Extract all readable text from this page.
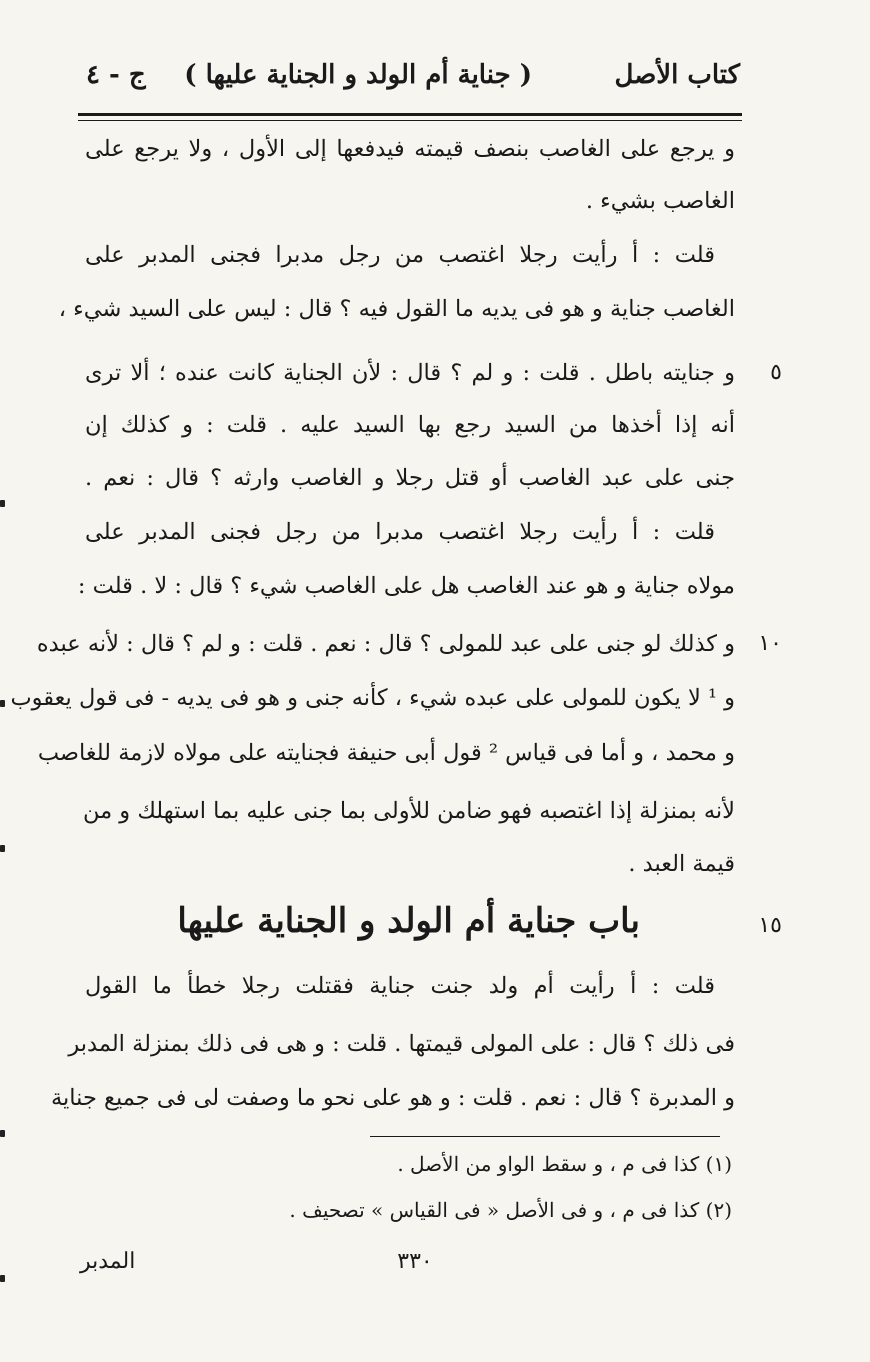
كتاب الأصل
( جناية أم الولد و الجناية عليها )
ج - ٤
و يرجع على الغاصب بنصف قيمته فيدفعها إلى الأول ، ولا يرجع على
الغاصب بشيء .
قلت : أ رأيت رجلا اغتصب من رجل مدبرا فجنى المدبر على
الغاصب جناية و هو فى يديه ما القول فيه ؟ قال : ليس على السيد شيء ،
و جنايته باطل . قلت : و لم ؟ قال : لأن الجناية كانت عنده ؛ ألا ترى
أنه إذا أخذها من السيد رجع بها السيد عليه . قلت : و كذلك إن
جنى على عبد الغاصب أو قتل رجلا و الغاصب وارثه ؟ قال : نعم .
قلت : أ رأيت رجلا اغتصب مدبرا من رجل فجنى المدبر على
مولاه جناية و هو عند الغاصب هل على الغاصب شيء ؟ قال : لا . قلت :
و كذلك لو جنى على عبد للمولى ؟ قال : نعم . قلت : و لم ؟ قال : لأنه عبده
و ¹ لا يكون للمولى على عبده شيء ، كأنه جنى و هو فى يديه - فى قول يعقوب
و محمد ، و أما فى قياس ² قول أبى حنيفة فجنايته على مولاه لازمة للغاصب
لأنه بمنزلة إذا اغتصبه فهو ضامن للأولى بما جنى عليه بما استهلك و من
قيمة العبد .
٥
١٠
١٥
باب جناية أم الولد و الجناية عليها
قلت : أ رأيت أم ولد جنت جناية فقتلت رجلا خطأ ما القول
فى ذلك ؟ قال : على المولى قيمتها . قلت : و هى فى ذلك بمنزلة المدبر
و المدبرة ؟ قال : نعم . قلت : و هو على نحو ما وصفت لى فى جميع جناية
(١) كذا فى م ، و سقط الواو من الأصل .
(٢) كذا فى م ، و فى الأصل « فى القياس » تصحيف .
٣٣٠
المدبر
